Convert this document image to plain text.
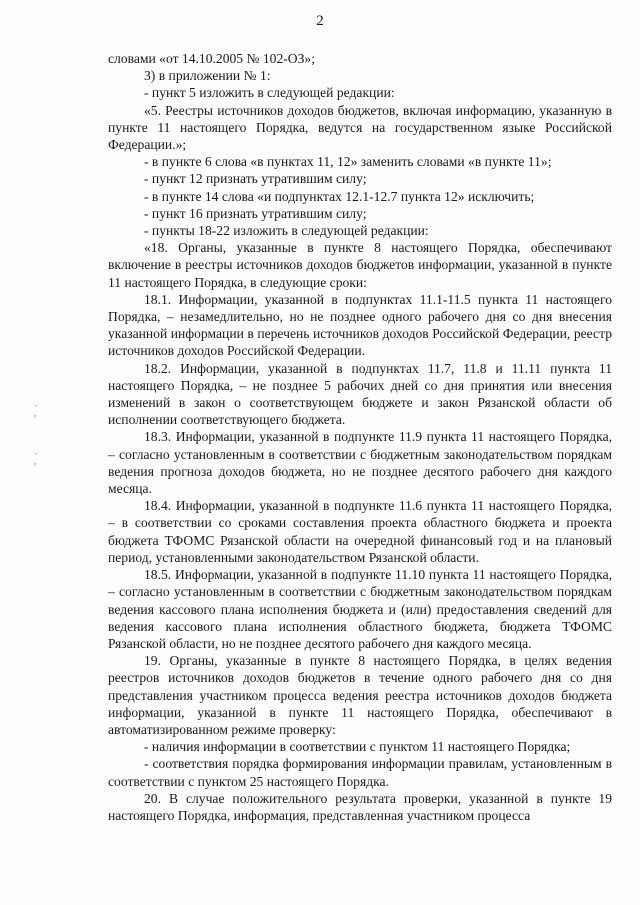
2
˙
ʹ
˙
ʹ

словами «от 14.10.2005 № 102-ОЗ»;

3) в приложении № 1:

- пункт 5 изложить в следующей редакции:

«5. Реестры источников доходов бюджетов, включая информацию, указанную в пункте 11 настоящего Порядка, ведутся на государственном языке Российской Федерации.»;

- в пункте 6 слова «в пунктах 11, 12» заменить словами «в пункте 11»;

- пункт 12 признать утратившим силу;

- в пункте 14 слова «и подпунктах 12.1-12.7 пункта 12» исключить;

- пункт 16 признать утратившим силу;

- пункты 18-22 изложить в следующей редакции:

«18. Органы, указанные в пункте 8 настоящего Порядка, обеспечивают включение в реестры источников доходов бюджетов информации, указанной в пункте 11 настоящего Порядка, в следующие сроки:

18.1. Информации, указанной в подпунктах 11.1-11.5 пункта 11 настоящего Порядка, – незамедлительно, но не позднее одного рабочего дня со дня внесения указанной информации в перечень источников доходов Российской Федерации, реестр источников доходов Российской Федерации.

18.2. Информации, указанной в подпунктах 11.7, 11.8 и 11.11 пункта 11 настоящего Порядка, – не позднее 5 рабочих дней со дня принятия или внесения изменений в закон о соответствующем бюджете и закон Рязанской области об исполнении соответствующего бюджета.

18.3. Информации, указанной в подпункте 11.9 пункта 11 настоящего Порядка, – согласно установленным в соответствии с бюджетным законодательством порядкам ведения прогноза доходов бюджета, но не позднее десятого рабочего дня каждого месяца.

18.4. Информации, указанной в подпункте 11.6 пункта 11 настоящего Порядка, – в соответствии со сроками составления проекта областного бюджета и проекта бюджета ТФОМС Рязанской области на очередной финансовый год и на плановый период, установленными законодательством Рязанской области.

18.5. Информации, указанной в подпункте 11.10 пункта 11 настоящего Порядка, – согласно установленным в соответствии с бюджетным законодательством порядкам ведения кассового плана исполнения бюджета и (или) предоставления сведений для ведения кассового плана исполнения областного бюджета, бюджета ТФОМС Рязанской области, но не позднее десятого рабочего дня каждого месяца.

19. Органы, указанные в пункте 8 настоящего Порядка, в целях ведения реестров источников доходов бюджетов в течение одного рабочего дня со дня представления участником процесса ведения реестра источников доходов бюджета информации, указанной в пункте 11 настоящего Порядка, обеспечивают в автоматизированном режиме проверку:

- наличия информации в соответствии с пунктом 11 настоящего Порядка;

- соответствия порядка формирования информации правилам, установленным в соответствии с пунктом 25 настоящего Порядка.

20. В случае положительного результата проверки, указанной в пункте 19 настоящего Порядка, информация, представленная участником процесса
